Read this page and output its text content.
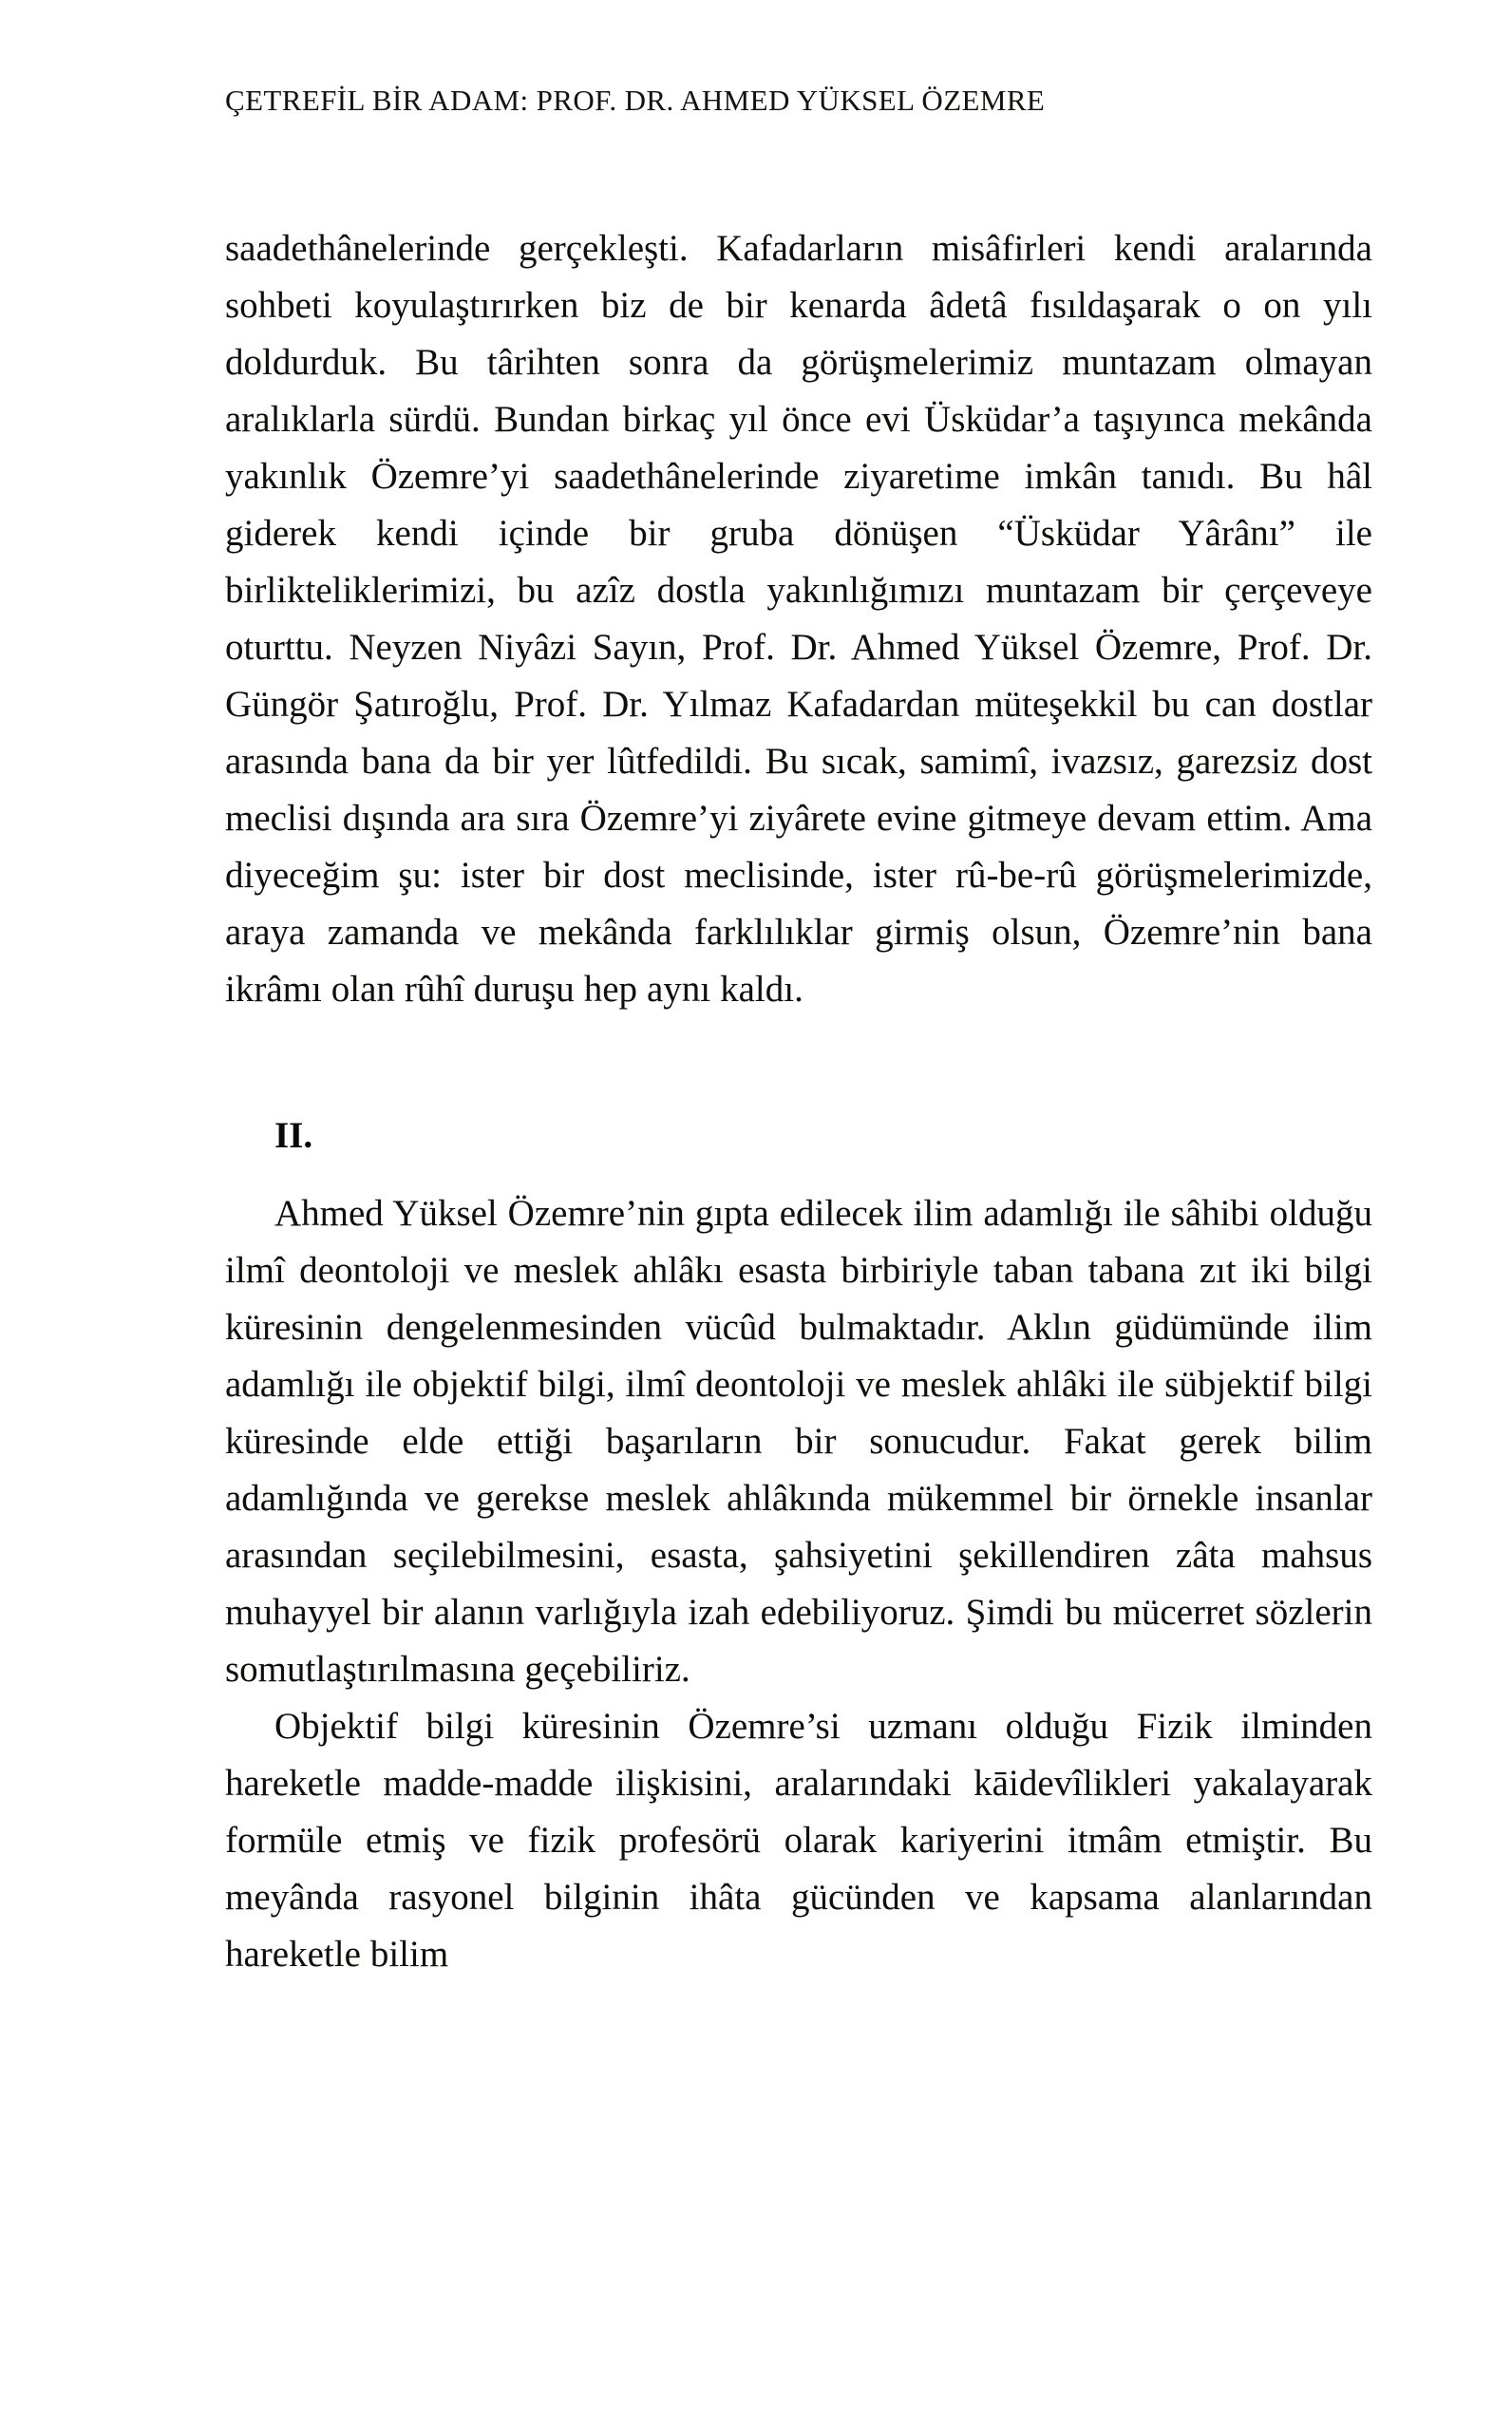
ÇETREFİL BİR ADAM: PROF. DR. AHMED YÜKSEL ÖZEMRE

saadethânelerinde gerçekleşti. Kafadarların misâfirleri kendi aralarında sohbeti koyulaştırırken biz de bir kenarda âdetâ fısıldaşarak o on yılı doldurduk. Bu târihten sonra da görüşmelerimiz muntazam olmayan aralıklarla sürdü. Bundan birkaç yıl önce evi Üsküdar’a taşıyınca mekânda yakınlık Özemre’yi saadethânelerinde ziyaretime imkân tanıdı. Bu hâl giderek kendi içinde bir gruba dönüşen “Üsküdar Yârânı” ile birlikteliklerimizi, bu azîz dostla yakınlığımızı muntazam bir çerçeveye oturttu. Neyzen Niyâzi Sayın, Prof. Dr. Ahmed Yüksel Özemre, Prof. Dr. Güngör Şatıroğlu, Prof. Dr. Yılmaz Kafadardan müteşekkil bu can dostlar arasında bana da bir yer lûtfedildi. Bu sıcak, samimî, ivazsız, garezsiz dost meclisi dışında ara sıra Özemre’yi ziyârete evine gitmeye devam ettim. Ama diyeceğim şu: ister bir dost meclisinde, ister rû-be-rû görüşmelerimizde, araya zamanda ve mekânda farklılıklar girmiş olsun, Özemre’nin bana ikrâmı olan rûhî duruşu hep aynı kaldı.

II.

Ahmed Yüksel Özemre’nin gıpta edilecek ilim adamlığı ile sâhibi olduğu ilmî deontoloji ve meslek ahlâkı esasta birbiriyle taban tabana zıt iki bilgi küresinin dengelenmesinden vücûd bulmaktadır. Aklın güdümünde ilim adamlığı ile objektif bilgi, ilmî deontoloji ve meslek ahlâki ile sübjektif bilgi küresinde elde ettiği başarıların bir sonucudur. Fakat gerek bilim adamlığında ve gerekse meslek ahlâkında mükemmel bir örnekle insanlar arasından seçilebilmesini, esasta, şahsiyetini şekillendiren zâta mahsus muhayyel bir alanın varlığıyla izah edebiliyoruz. Şimdi bu mücerret sözlerin somutlaştırılmasına geçebiliriz.

Objektif bilgi küresinin Özemre’si uzmanı olduğu Fizik ilminden hareketle madde-madde ilişkisini, aralarındaki kāidevîlikleri yakalayarak formüle etmiş ve fizik profesörü olarak kariyerini itmâm etmiştir. Bu meyânda rasyonel bilginin ihâta gücünden ve kapsama alanlarından hareketle bilim
